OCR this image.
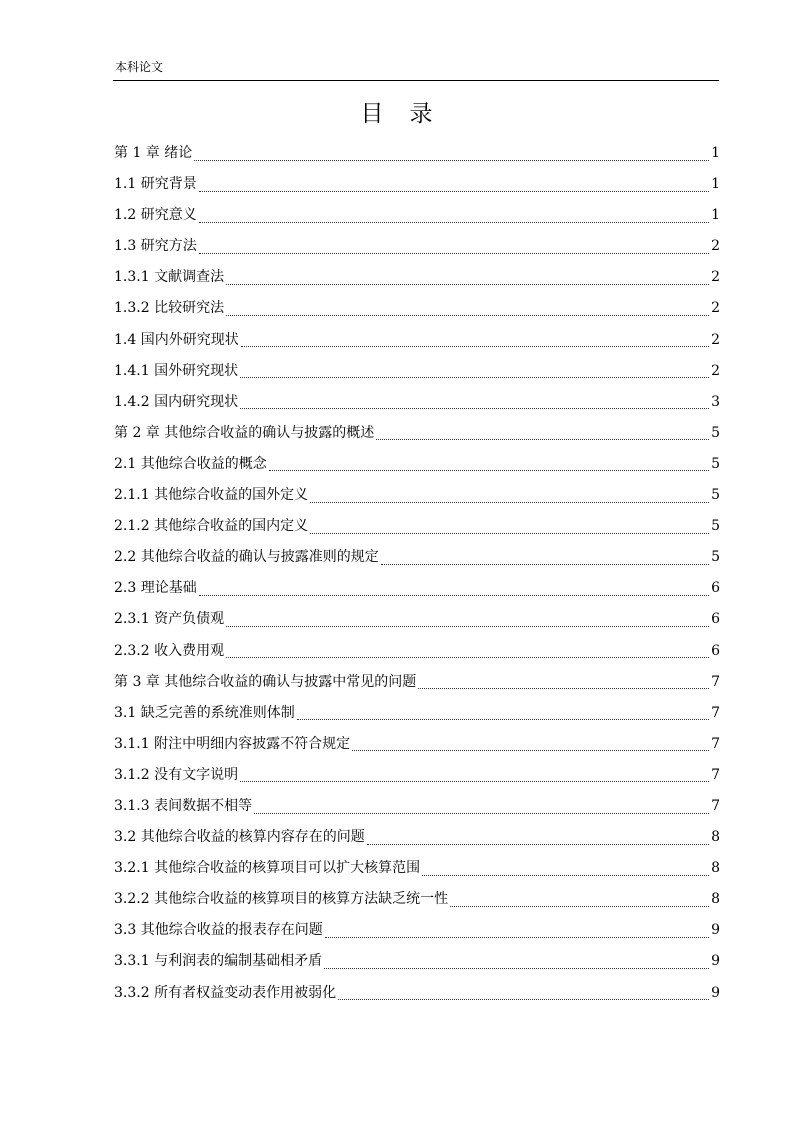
本科论文
目 录
第 1 章 绪论	1
1.1 研究背景	1
1.2 研究意义	1
1.3 研究方法	2
1.3.1 文献调查法	2
1.3.2 比较研究法	2
1.4 国内外研究现状	2
1.4.1 国外研究现状	2
1.4.2 国内研究现状	3
第 2 章 其他综合收益的确认与披露的概述	5
2.1 其他综合收益的概念	5
2.1.1 其他综合收益的国外定义	5
2.1.2 其他综合收益的国内定义	5
2.2 其他综合收益的确认与披露准则的规定	5
2.3 理论基础	6
2.3.1 资产负债观	6
2.3.2 收入费用观	6
第 3 章 其他综合收益的确认与披露中常见的问题	7
3.1 缺乏完善的系统准则体制	7
3.1.1 附注中明细内容披露不符合规定	7
3.1.2 没有文字说明	7
3.1.3 表间数据不相等	7
3.2 其他综合收益的核算内容存在的问题	8
3.2.1 其他综合收益的核算项目可以扩大核算范围	8
3.2.2 其他综合收益的核算项目的核算方法缺乏统一性	8
3.3 其他综合收益的报表存在问题	9
3.3.1 与利润表的编制基础相矛盾	9
3.3.2 所有者权益变动表作用被弱化	9
